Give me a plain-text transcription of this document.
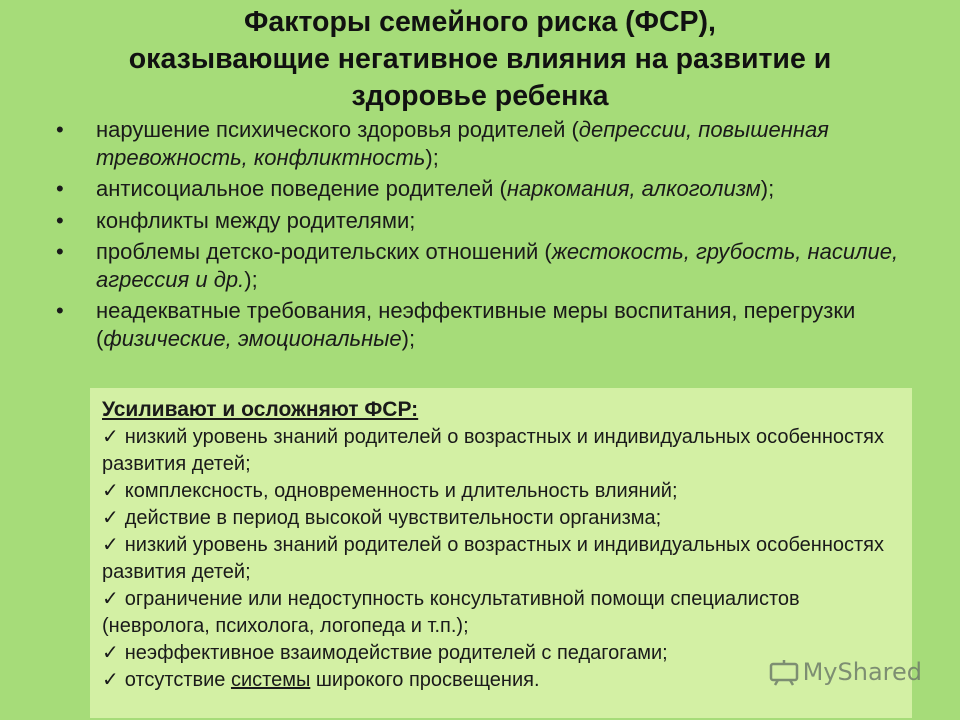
Факторы семейного риска (ФСР),
оказывающие негативное влияния на развитие и
здоровье ребенка
• нарушение психического здоровья родителей (депрессии, повышенная тревожность, конфликтность);
• антисоциальное поведение родителей (наркомания, алкоголизм);
• конфликты между родителями;
• проблемы детско-родительских отношений (жестокость, грубость, насилие, агрессия и др.);
• неадекватные требования, неэффективные меры воспитания, перегрузки (физические, эмоциональные);
Усиливают и осложняют ФСР:
✓ низкий уровень знаний родителей о возрастных и индивидуальных особенностях развития детей;
✓ комплексность, одновременность и длительность влияний;
✓ действие в период высокой чувствительности организма;
✓ низкий уровень знаний родителей о возрастных и индивидуальных особенностях развития детей;
✓ ограничение или недоступность консультативной помощи специалистов (невролога, психолога, логопеда и т.п.);
✓ неэффективное взаимодействие родителей с педагогами;
✓ отсутствие системы широкого просвещения.	MyShared
